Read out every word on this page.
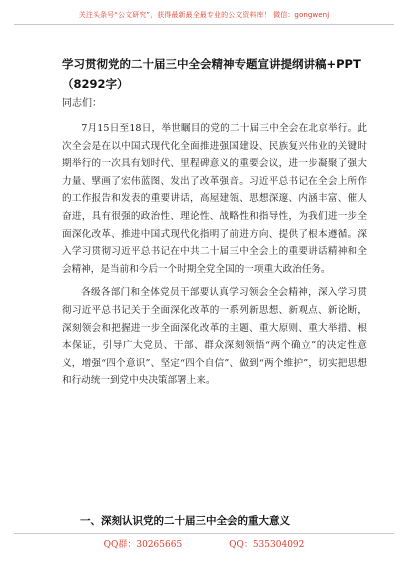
关注头条号“公文研究”，获得最新最全最专业的公文资料库！ 微信：gongwenj
学习贯彻党的二十届三中全会精神专题宣讲提纲讲稿+PPT（8292字）
同志们：

7月15日至18日，举世瞩目的党的二十届三中全会在北京举行。此次全会是在以中国式现代化全面推进强国建设、民族复兴伟业的关键时期举行的一次具有划时代、里程碑意义的重要会议，进一步凝聚了强大力量、擘画了宏伟蓝图、发出了改革强音。习近平总书记在全会上所作的工作报告和发表的重要讲话，高屋建瓴、思想深邃、内涵丰富、催人奋进，具有很强的政治性、理论性、战略性和指导性，为我们进一步全面深化改革、推进中国式现代化指明了前进方向、提供了根本遵循。深入学习贯彻习近平总书记在中共二十届三中全会上的重要讲话精神和全会精神，是当前和今后一个时期全党全国的一项重大政治任务。

各级各部门和全体党员干部要认真学习领会全会精神，深入学习贯彻习近平总书记关于全面深化改革的一系列新思想、新观点、新论断，深刻领会和把握进一步全面深化改革的主题、重大原则、重大举措、根本保证，引导广大党员、干部、群众深刻领悟“两个确立”的决定性意义，增强“四个意识”、坚定“四个自信”、做到“两个维护”，切实把思想和行动统一到党中央决策部署上来。

一、深刻认识党的二十届三中全会的重大意义
QQ群：30265665	QQ：535304092
